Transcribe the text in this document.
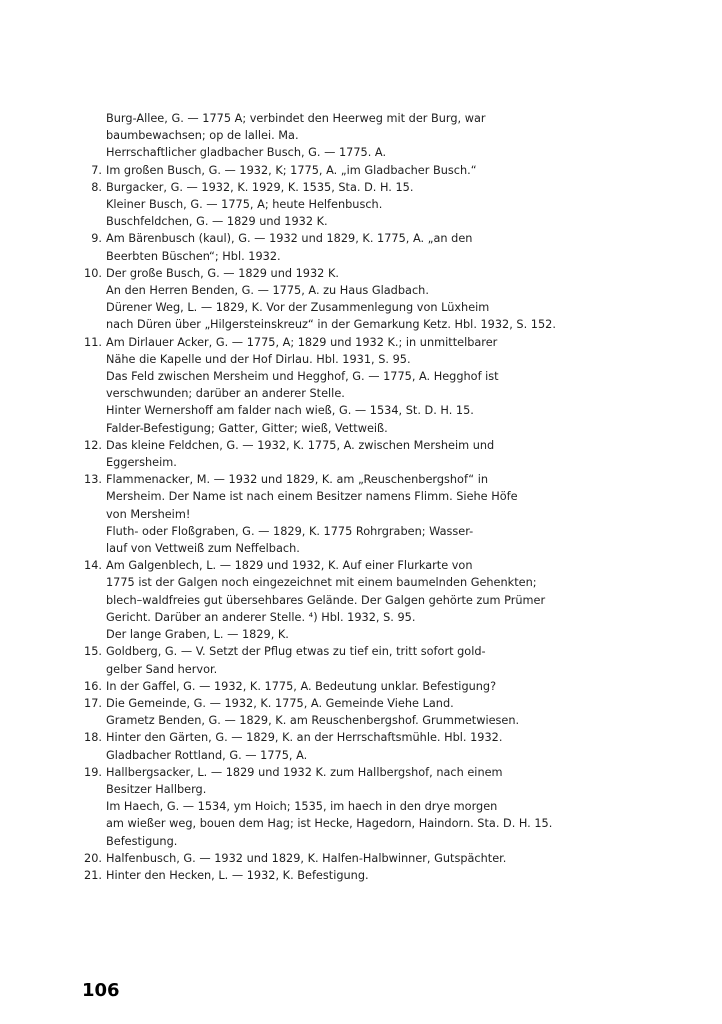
Burg-Allee, G. — 1775 A; verbindet den Heerweg mit der Burg, war
baumbewachsen; op de lallei. Ma.
Herrschaftlicher gladbacher Busch, G. — 1775. A.
7. Im großen Busch, G. — 1932, K; 1775, A. „im Gladbacher Busch.“
8. Burgacker, G. — 1932, K. 1929, K. 1535, Sta. D. H. 15.
Kleiner Busch, G. — 1775, A; heute Helfenbusch.
Buschfeldchen, G. — 1829 und 1932 K.
9. Am Bärenbusch (kaul), G. — 1932 und 1829, K. 1775, A. „an den
Beerbten Büschen“; Hbl. 1932.
10. Der große Busch, G. — 1829 und 1932 K.
An den Herren Benden, G. — 1775, A. zu Haus Gladbach.
Dürener Weg, L. — 1829, K. Vor der Zusammenlegung von Lüxheim
nach Düren über „Hilgersteinskreuz“ in der Gemarkung Ketz. Hbl. 1932, S. 152.
11. Am Dirlauer Acker, G. — 1775, A; 1829 und 1932 K.; in unmittelbarer
Nähe die Kapelle und der Hof Dirlau. Hbl. 1931, S. 95.
Das Feld zwischen Mersheim und Hegghof, G. — 1775, A. Hegghof ist
verschwunden; darüber an anderer Stelle.
Hinter Wernershoff am falder nach wieß, G. — 1534, St. D. H. 15.
Falder-Befestigung; Gatter, Gitter; wieß, Vettweiß.
12. Das kleine Feldchen, G. — 1932, K. 1775, A. zwischen Mersheim und
Eggersheim.
13. Flammenacker, M. — 1932 und 1829, K. am „Reuschenbergshof“ in
Mersheim. Der Name ist nach einem Besitzer namens Flimm. Siehe Höfe
von Mersheim!
Fluth- oder Floßgraben, G. — 1829, K. 1775 Rohrgraben; Wasser-
lauf von Vettweiß zum Neffelbach.
14. Am Galgenblech, L. — 1829 und 1932, K. Auf einer Flurkarte von
1775 ist der Galgen noch eingezeichnet mit einem baumelnden Gehenkten;
blech–waldfreies gut übersehbares Gelände. Der Galgen gehörte zum Prümer
Gericht. Darüber an anderer Stelle. ⁴) Hbl. 1932, S. 95.
Der lange Graben, L. — 1829, K.
15. Goldberg, G. — V. Setzt der Pflug etwas zu tief ein, tritt sofort gold-
gelber Sand hervor.
16. In der Gaffel, G. — 1932, K. 1775, A. Bedeutung unklar. Befestigung?
17. Die Gemeinde, G. — 1932, K. 1775, A. Gemeinde Viehe Land.
Grametz Benden, G. — 1829, K. am Reuschenbergshof. Grummetwiesen.
18. Hinter den Gärten, G. — 1829, K. an der Herrschaftsmühle. Hbl. 1932.
Gladbacher Rottland, G. — 1775, A.
19. Hallbergsacker, L. — 1829 und 1932 K. zum Hallbergshof, nach einem
Besitzer Hallberg.
Im Haech, G. — 1534, ym Hoich; 1535, im haech in den drye morgen
am wießer weg, bouen dem Hag; ist Hecke, Hagedorn, Haindorn. Sta. D. H. 15.
Befestigung.
20. Halfenbusch, G. — 1932 und 1829, K. Halfen-Halbwinner, Gutspächter.
21. Hinter den Hecken, L. — 1932, K. Befestigung.
106
